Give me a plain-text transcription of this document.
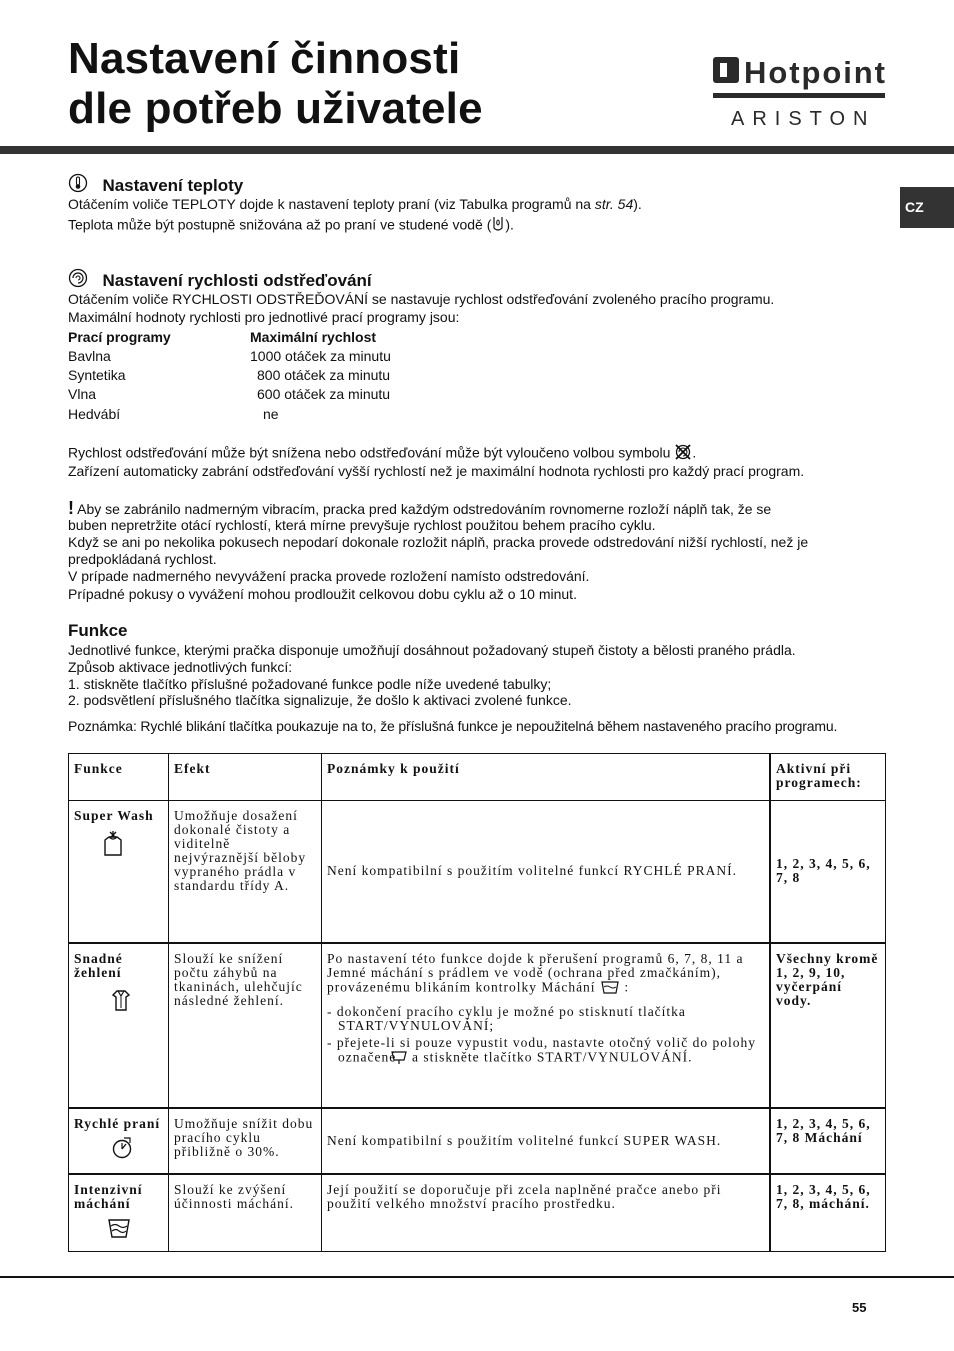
Nastavení činnosti
dle potřeb uživatele
Hotpoint
ARISTON
CZ
Nastavení teploty
Otáčením voliče TEPLOTY dojde k nastavení teploty praní (viz Tabulka programů na str. 54).
Teplota může být postupně snižována až po praní ve studené vodě ( ).
Nastavení rychlosti odstřeďování
Otáčením voliče RYCHLOSTI ODSTŘEĎOVÁNÍ se nastavuje rychlost odstřeďování zvoleného pracího programu.
Maximální hodnoty rychlosti pro jednotlivé prací programy jsou:
Prací programy	Maximální rychlost
Bavlna	1000 otáček za minutu
Syntetika	800 otáček za minutu
Vlna	600 otáček za minutu
Hedvábí	ne
Rychlost odstřeďování může být snížena nebo odstřeďování může být vyloučeno volbou symbolu .
Zařízení automaticky zabrání odstřeďování vyšší rychlostí než je maximální hodnota rychlosti pro každý prací program.
! Aby se zabránilo nadmerným vibracím, pracka pred každým odstredováním rovnomerne rozloží náplň tak, že se
buben nepretržite otácí rychlostí, která mírne prevyšuje rychlost použitou behem pracího cyklu.
Když se ani po nekolika pokusech nepodarí dokonale rozložit náplň, pracka provede odstredování nižší rychlostí, než je
predpokládaná rychlost.
V prípade nadmerného nevyvážení pracka provede rozložení namísto odstredování.
Prípadné pokusy o vyvážení mohou prodloužit celkovou dobu cyklu až o 10 minut.
Funkce
Jednotlivé funkce, kterými pračka disponuje umožňují dosáhnout požadovaný stupeň čistoty a bělosti praného prádla.
Způsob aktivace jednotlivých funkcí:
1. stiskněte tlačítko příslušné požadované funkce podle níže uvedené tabulky;
2. podsvětlení příslušného tlačítka signalizuje, že došlo k aktivaci zvolené funkce.
Poznámka: Rychlé blikání tlačítka poukazuje na to, že příslušná funkce je nepoužitelná během nastaveného pracího programu.
Funkce	Efekt	Poznámky k použití	Aktivní při programech:

Super Wash	Umožňuje dosažení dokonalé čistoty a viditelně nejvýraznější běloby vypraného prádla v standardu třídy A.	Není kompatibilní s použitím volitelné funkcí RYCHLÉ PRANÍ.	1, 2, 3, 4, 5, 6, 7, 8

Snadné žehlení	Slouží ke snížení počtu záhybů na tkaninách, ulehčujíc následné žehlení.	Po nastavení této funkce dojde k přerušení programů 6, 7, 8, 11 a Jemné máchání s prádlem ve vodě (ochrana před zmačkáním), provázenému blikáním kontrolky Máchání :
- dokončení pracího cyklu je možné po stisknutí tlačítka START/VYNULOVÁNÍ;
- přejete-li si pouze vypustit vodu, nastavte otočný volič do polohy označené a stiskněte tlačítko START/VYNULOVÁNÍ.	Všechny kromě 1, 2, 9, 10, vyčerpání vody.

Rychlé praní	Umožňuje snížit dobu pracího cyklu přibližně o 30%.	Není kompatibilní s použitím volitelné funkcí SUPER WASH.	1, 2, 3, 4, 5, 6, 7, 8 Máchání

Intenzivní máchání	Slouží ke zvýšení účinnosti máchání.	Její použití se doporučuje při zcela naplněné pračce anebo při použití velkého množství pracího prostředku.	1, 2, 3, 4, 5, 6, 7, 8, máchání.
55
